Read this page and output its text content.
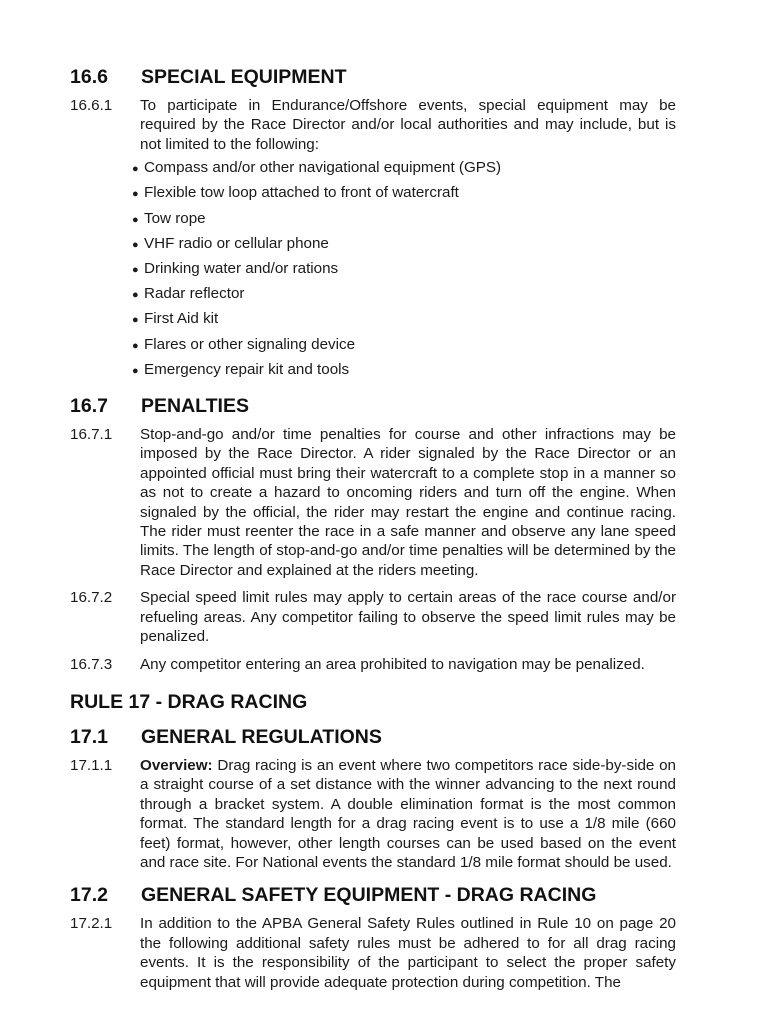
16.6	SPECIAL EQUIPMENT
16.6.1	To participate in Endurance/Offshore events, special equipment may be required by the Race Director and/or local authorities and may include, but is not limited to the following:
● Compass and/or other navigational equipment (GPS)
● Flexible tow loop attached to front of watercraft
● Tow rope
● VHF radio or cellular phone
● Drinking water and/or rations
● Radar reflector
● First Aid kit
● Flares or other signaling device
● Emergency repair kit and tools
16.7	PENALTIES
16.7.1	Stop-and-go and/or time penalties for course and other infractions may be imposed by the Race Director. A rider signaled by the Race Director or an appointed official must bring their watercraft to a complete stop in a manner so as not to create a hazard to oncoming riders and turn off the engine. When signaled by the official, the rider may restart the engine and continue racing. The rider must reenter the race in a safe manner and observe any lane speed limits. The length of stop-and-go and/or time penalties will be determined by the Race Director and explained at the riders meeting.
16.7.2	Special speed limit rules may apply to certain areas of the race course and/or refueling areas. Any competitor failing to observe the speed limit rules may be penalized.
16.7.3	Any competitor entering an area prohibited to navigation may be penalized.
RULE 17 - DRAG RACING
17.1	GENERAL REGULATIONS
17.1.1	Overview: Drag racing is an event where two competitors race side-by-side on a straight course of a set distance with the winner advancing to the next round through a bracket system. A double elimination format is the most common format. The standard length for a drag racing event is to use a 1/8 mile (660 feet) format, however, other length courses can be used based on the event and race site. For National events the standard 1/8 mile format should be used.
17.2	GENERAL SAFETY EQUIPMENT - DRAG RACING
17.2.1	In addition to the APBA General Safety Rules outlined in Rule 10 on page 20 the following additional safety rules must be adhered to for all drag racing events. It is the responsibility of the participant to select the proper safety equipment that will provide adequate protection during competition. The
